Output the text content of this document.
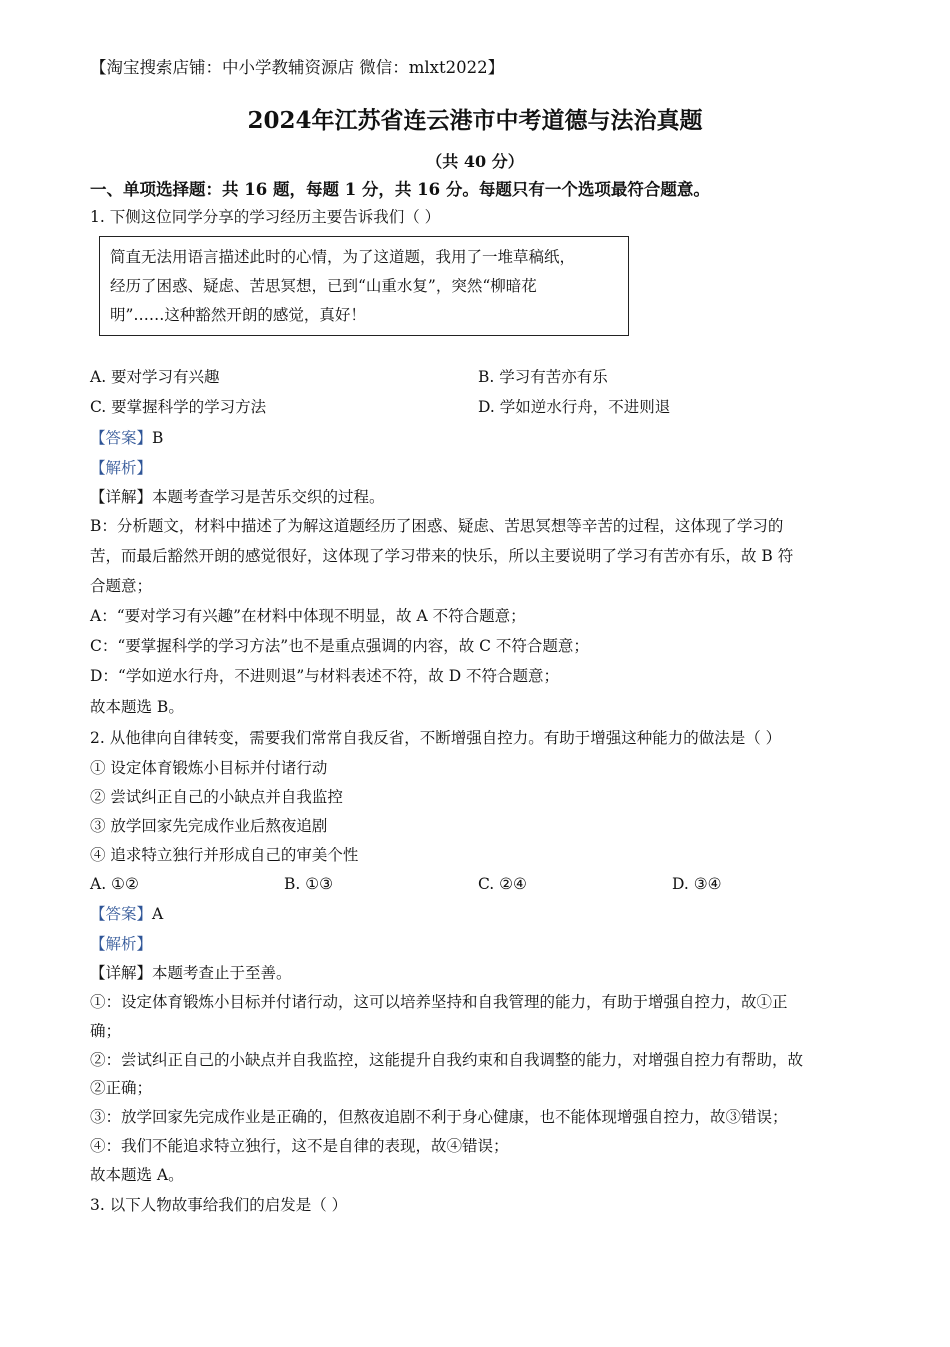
【淘宝搜索店铺：中小学教辅资源店 微信：mlxt2022】
2024年江苏省连云港市中考道德与法治真题
（共 40 分）
一、单项选择题：共 16 题，每题 1 分，共 16 分。每题只有一个选项最符合题意。
1. 下侧这位同学分享的学习经历主要告诉我们（ ）
简直无法用语言描述此时的心情，为了这道题，我用了一堆草稿纸，
经历了困惑、疑虑、苦思冥想，已到“山重水复”，突然“柳暗花
明”……这种豁然开朗的感觉，真好！
A. 要对学习有兴趣	B. 学习有苦亦有乐
C. 要掌握科学的学习方法	D. 学如逆水行舟，不进则退
【答案】B
【解析】
【详解】本题考查学习是苦乐交织的过程。
B：分析题文，材料中描述了为解这道题经历了困惑、疑虑、苦思冥想等辛苦的过程，这体现了学习的
苦，而最后豁然开朗的感觉很好，这体现了学习带来的快乐，所以主要说明了学习有苦亦有乐，故 B 符
合题意；
A：“要对学习有兴趣”在材料中体现不明显，故 A 不符合题意；
C：“要掌握科学的学习方法”也不是重点强调的内容，故 C 不符合题意；
D：“学如逆水行舟，不进则退”与材料表述不符，故 D 不符合题意；
故本题选 B。
2. 从他律向自律转变，需要我们常常自我反省，不断增强自控力。有助于增强这种能力的做法是（ ）
① 设定体育锻炼小目标并付诸行动
② 尝试纠正自己的小缺点并自我监控
③ 放学回家先完成作业后熬夜追剧
④ 追求特立独行并形成自己的审美个性
A. ①②	B. ①③	C. ②④	D. ③④
【答案】A
【解析】
【详解】本题考查止于至善。
①：设定体育锻炼小目标并付诸行动，这可以培养坚持和自我管理的能力，有助于增强自控力，故①正
确；
②：尝试纠正自己的小缺点并自我监控，这能提升自我约束和自我调整的能力，对增强自控力有帮助，故
②正确；
③：放学回家先完成作业是正确的，但熬夜追剧不利于身心健康，也不能体现增强自控力，故③错误；
④：我们不能追求特立独行，这不是自律的表现，故④错误；
故本题选 A。
3. 以下人物故事给我们的启发是（ ）
